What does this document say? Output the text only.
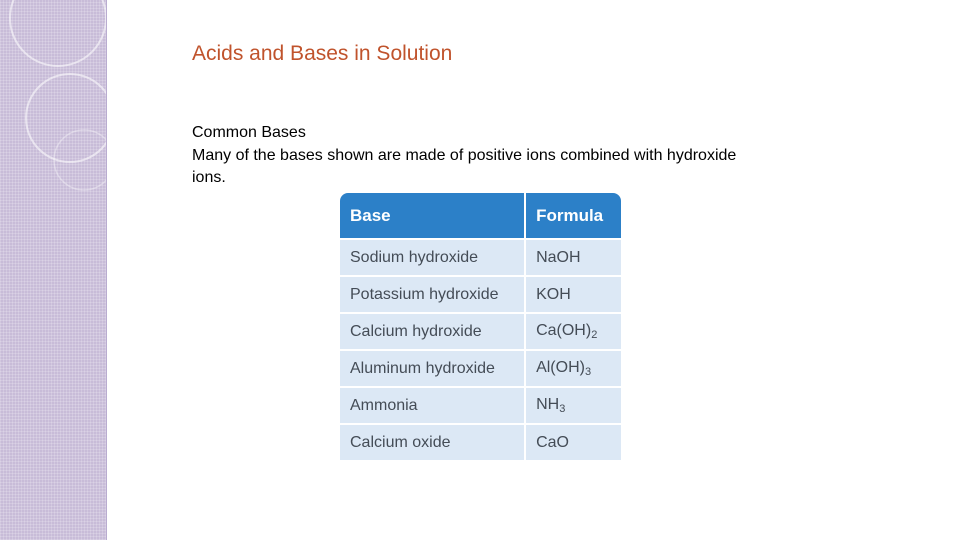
Acids and Bases in Solution
Common Bases
Many of the bases shown are made of positive ions combined with hydroxide ions.
Base	Formula
Sodium hydroxide	NaOH
Potassium hydroxide	KOH
Calcium hydroxide	$Ca(OH)_2$
Aluminum hydroxide	$Al(OH)_3$
Ammonia	$NH_3$
Calcium oxide	CaO
